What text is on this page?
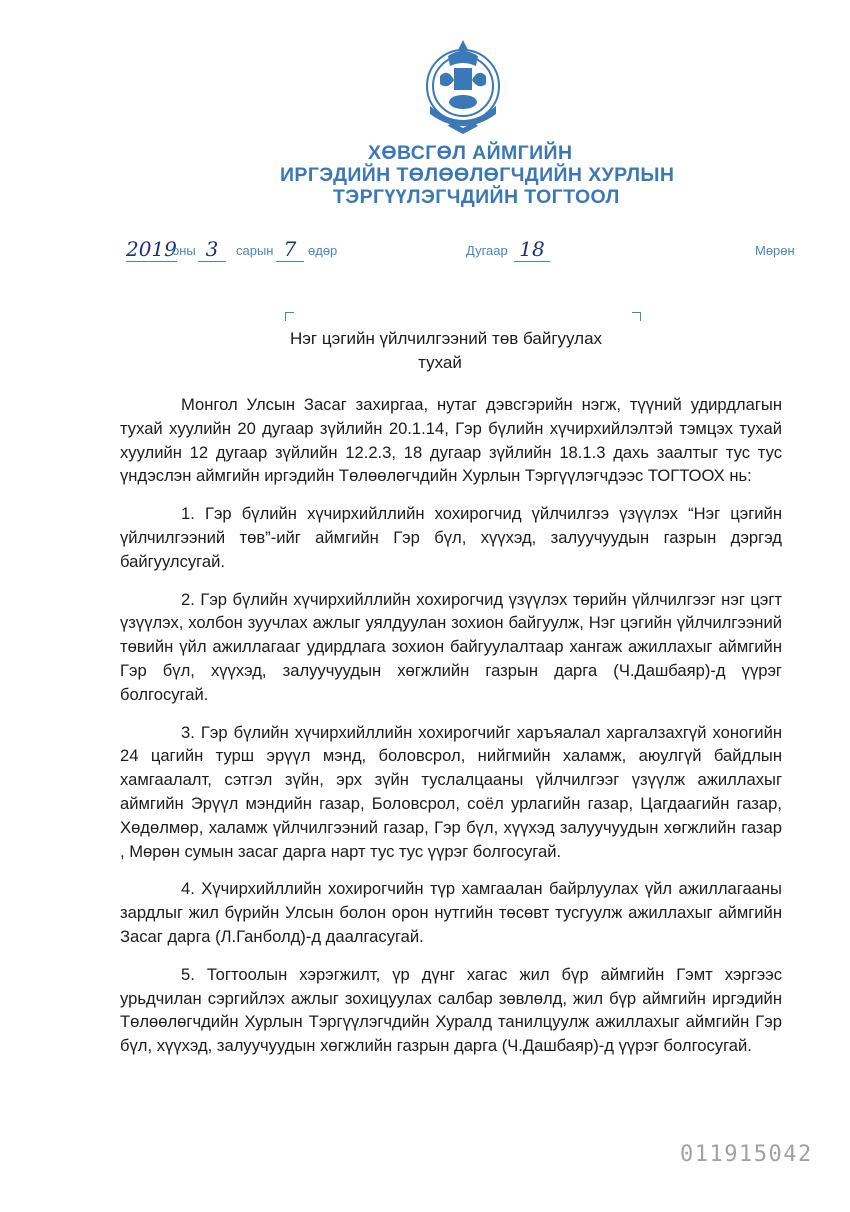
ХӨВСГӨЛ АЙМГИЙН
ИРГЭДИЙН ТӨЛӨӨЛӨГЧДИЙН ХУРЛЫН
ТЭРГҮҮЛЭГЧДИЙН ТОГТООЛ
2019
оны 3	сарын 7 өдөр	Дугаар 18	Мөрөн
Нэг цэгийн үйлчилгээний төв байгуулах
тухай

Монгол Улсын Засаг захиргаа, нутаг дэвсгэрийн нэгж, түүний удирдлагын тухай хуулийн 20 дугаар зүйлийн 20.1.14, Гэр бүлийн хүчирхийлэлтэй тэмцэх тухай хуулийн 12 дугаар зүйлийн 12.2.3, 18 дугаар зүйлийн 18.1.3 дахь заалтыг тус тус үндэслэн аймгийн иргэдийн Төлөөлөгчдийн Хурлын Тэргүүлэгчдээс ТОГТООХ нь:

1. Гэр бүлийн хүчирхийллийн хохирогчид үйлчилгээ үзүүлэх “Нэг цэгийн үйлчилгээний төв”-ийг аймгийн Гэр бүл, хүүхэд, залуучуудын газрын дэргэд байгуулсугай.

2. Гэр бүлийн хүчирхийллийн хохирогчид үзүүлэх төрийн үйлчилгээг нэг цэгт үзүүлэх, холбон зуучлах ажлыг уялдуулан зохион байгуулж, Нэг цэгийн үйлчилгээний төвийн үйл ажиллагааг удирдлага зохион байгуулалтаар хангаж ажиллахыг аймгийн Гэр бүл, хүүхэд, залуучуудын хөгжлийн газрын дарга (Ч.Дашбаяр)-д үүрэг болгосугай.

3. Гэр бүлийн хүчирхийллийн хохирогчийг харъяалал харгалзахгүй хоногийн 24 цагийн турш эрүүл мэнд, боловсрол, нийгмийн халамж, аюулгүй байдлын хамгаалалт, сэтгэл зүйн, эрх зүйн туслалцааны үйлчилгээг үзүүлж ажиллахыг аймгийн Эрүүл мэндийн газар, Боловсрол, соёл урлагийн газар, Цагдаагийн газар, Хөдөлмөр, халамж үйлчилгээний газар, Гэр бүл, хүүхэд залуучуудын хөгжлийн газар , Мөрөн сумын засаг дарга нарт тус тус үүрэг болгосугай.

4. Хүчирхийллийн хохирогчийн түр хамгаалан байрлуулах үйл ажиллагааны зардлыг жил бүрийн Улсын болон орон нутгийн төсөвт тусгуулж ажиллахыг аймгийн Засаг дарга (Л.Ганболд)-д даалгасугай.

5. Тогтоолын хэрэгжилт, үр дүнг хагас жил бүр аймгийн Гэмт хэргээс урьдчилан сэргийлэх ажлыг зохицуулах салбар зөвлөлд, жил бүр аймгийн иргэдийн Төлөөлөгчдийн Хурлын Тэргүүлэгчдийн Хуралд танилцуулж ажиллахыг аймгийн Гэр бүл, хүүхэд, залуучуудын хөгжлийн газрын дарга (Ч.Дашбаяр)-д үүрэг болгосугай.

011915042
